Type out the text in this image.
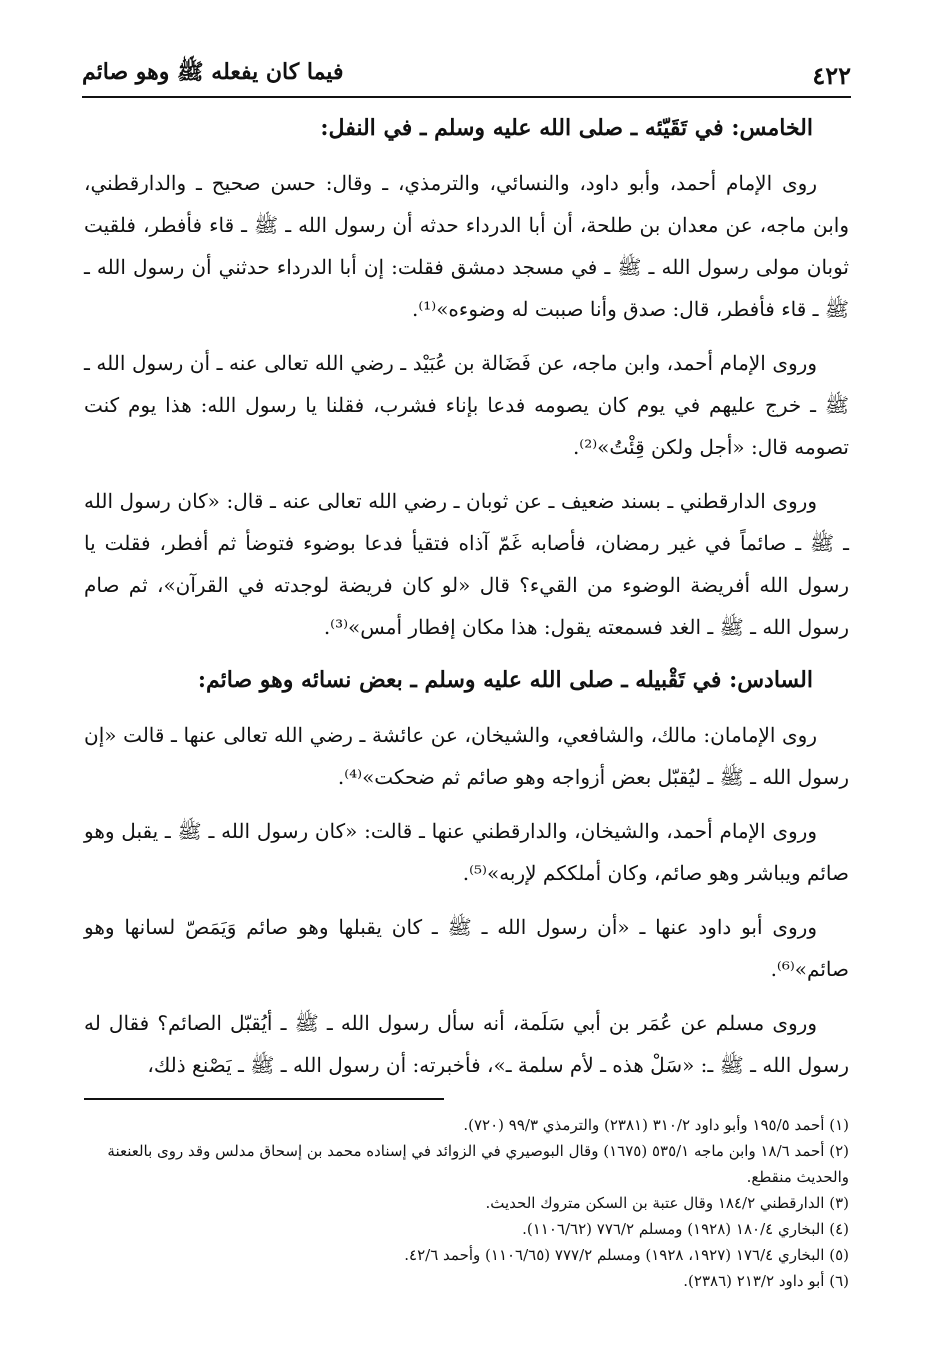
٤٢٢
فيما كان يفعله ﷺ وهو صائم
الخامس: في تَقَيّئه ـ صلى الله عليه وسلم ـ في النفل:

روى الإمام أحمد، وأبو داود، والنسائي، والترمذي، ـ وقال: حسن صحيح ـ والدارقطني، وابن ماجه، عن معدان بن طلحة، أن أبا الدرداء حدثه أن رسول الله ـ ﷺ ـ قاء فأفطر، فلقيت ثوبان مولى رسول الله ـ ﷺ ـ في مسجد دمشق فقلت: إن أبا الدرداء حدثني أن رسول الله ـ ﷺ ـ قاء فأفطر، قال: صدق وأنا صببت له وضوءه»⁽¹⁾.

وروى الإمام أحمد، وابن ماجه، عن فَضَالة بن عُبَيْد ـ رضي الله تعالى عنه ـ أن رسول الله ـ ﷺ ـ خرج عليهم في يوم كان يصومه فدعا بإناء فشرب، فقلنا يا رسول الله: هذا يوم كنت تصومه قال: «أجل ولكن قِئْتُ»⁽²⁾.

وروى الدارقطني ـ بسند ضعيف ـ عن ثوبان ـ رضي الله تعالى عنه ـ قال: «كان رسول الله ـ ﷺ ـ صائماً في غير رمضان، فأصابه غَمّ آذاه فتقيأ فدعا بوضوء فتوضأ ثم أفطر، فقلت يا رسول الله أفريضة الوضوء من القيء؟ قال «لو كان فريضة لوجدته في القرآن»، ثم صام رسول الله ـ ﷺ ـ الغد فسمعته يقول: هذا مكان إفطار أمس»⁽³⁾.

السادس: في تَقْبيله ـ صلى الله عليه وسلم ـ بعض نسائه وهو صائم:

روى الإمامان: مالك، والشافعي، والشيخان، عن عائشة ـ رضي الله تعالى عنها ـ قالت «إن رسول الله ـ ﷺ ـ ليُقبّل بعض أزواجه وهو صائم ثم ضحكت»⁽⁴⁾.

وروى الإمام أحمد، والشيخان، والدارقطني عنها ـ قالت: «كان رسول الله ـ ﷺ ـ يقبل وهو صائم ويباشر وهو صائم، وكان أملككم لإربه»⁽⁵⁾.

وروى أبو داود عنها ـ «أن رسول الله ـ ﷺ ـ كان يقبلها وهو صائم وَيَمَصّ لسانها وهو صائم»⁽⁶⁾.

وروى مسلم عن عُمَر بن أبي سَلَمة، أنه سأل رسول الله ـ ﷺ ـ أيُقبّل الصائم؟ فقال له رسول الله ـ ﷺ ـ: «سَلْ هذه ـ لأم سلمة ـ»، فأخبرته: أن رسول الله ـ ﷺ ـ يَصْنع ذلك،

(١) أحمد ١٩٥/٥ وأبو داود ٣١٠/٢ (٢٣٨١) والترمذي ٩٩/٣ (٧٢٠).

(٢) أحمد ١٨/٦ وابن ماجه ٥٣٥/١ (١٦٧٥) وقال البوصيري في الزوائد في إسناده محمد بن إسحاق مدلس وقد روى بالعنعنة والحديث منقطع.

(٣) الدارقطني ١٨٤/٢ وقال عتبة بن السكن متروك الحديث.

(٤) البخاري ١٨٠/٤ (١٩٢٨) ومسلم ٧٧٦/٢ (١١٠٦/٦٢).

(٥) البخاري ١٧٦/٤ (١٩٢٧، ١٩٢٨) ومسلم ٧٧٧/٢ (١١٠٦/٦٥) وأحمد ٤٢/٦.

(٦) أبو داود ٢١٣/٢ (٢٣٨٦).
